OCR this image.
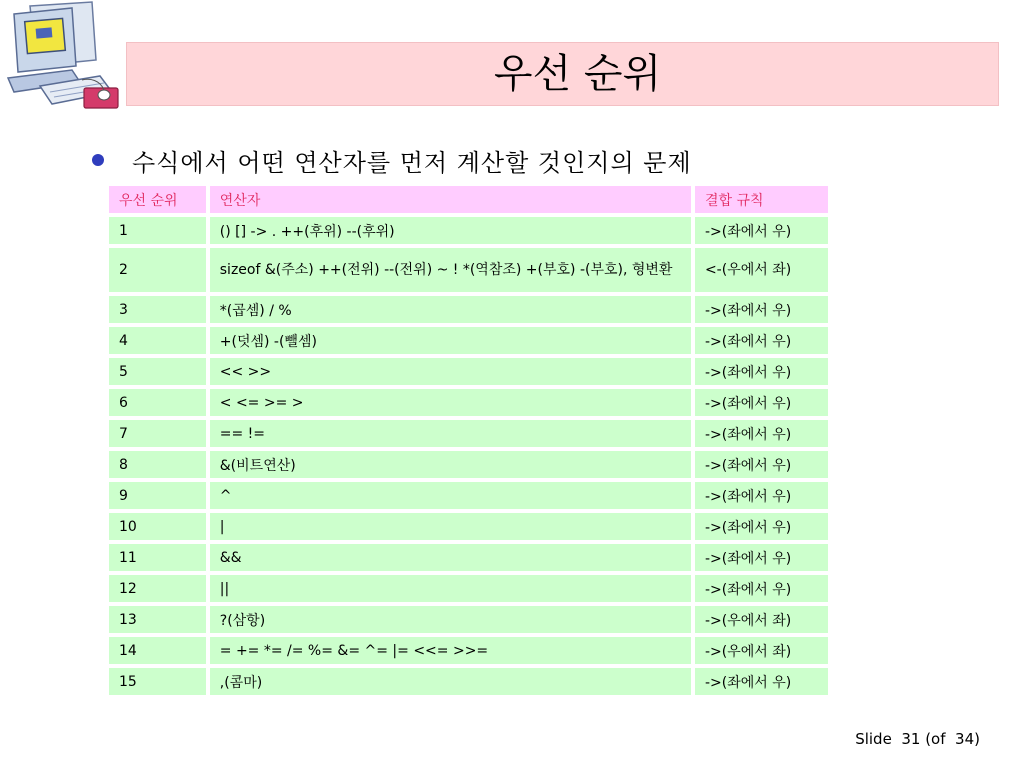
우선 순위
수식에서 어떤 연산자를 먼저 계산할 것인지의 문제
우선 순위	연산자	결합 규칙
1	() [] -> . ++(후위) --(후위)	->(좌에서 우)
2	sizeof &(주소) ++(전위) --(전위) ~ ! *(역참조) +(부호) -(부호), 형변환	<-(우에서 좌)
3	*(곱셈) / %	->(좌에서 우)
4	+(덧셈) -(뺄셈)	->(좌에서 우)
5	<< >>	->(좌에서 우)
6	< <= >= >	->(좌에서 우)
7	== !=	->(좌에서 우)
8	&(비트연산)	->(좌에서 우)
9	^	->(좌에서 우)
10	|	->(좌에서 우)
11	&&	->(좌에서 우)
12	||	->(좌에서 우)
13	?(삼항)	->(우에서 좌)
14	= += *= /= %= &= ^= |= <<= >>=	->(우에서 좌)
15	,(콤마)	->(좌에서 우)
Slide  31 (of  34)
